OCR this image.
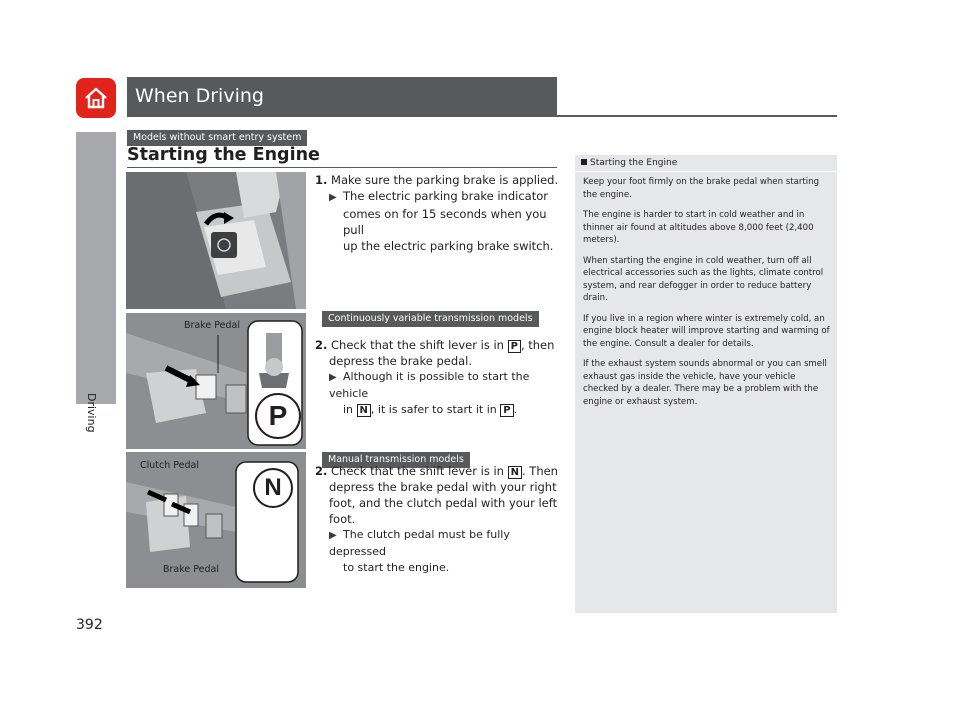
Driving
When Driving
Models without smart entry system
Starting the Engine
Brake Pedal
P
Clutch Pedal
Brake Pedal
N
1. Make sure the parking brake is applied.
▶ The electric parking brake indicator
comes on for 15 seconds when you pull
up the electric parking brake switch.
Continuously variable transmission models
2. Check that the shift lever is in P , then
depress the brake pedal.
▶ Although it is possible to start the vehicle
in N , it is safer to start it in P .
Manual transmission models
2. Check that the shift lever is in N . Then
depress the brake pedal with your right
foot, and the clutch pedal with your left
foot.
▶ The clutch pedal must be fully depressed
to start the engine.
Starting the Engine

Keep your foot firmly on the brake pedal when starting the engine.

The engine is harder to start in cold weather and in thinner air found at altitudes above 8,000 feet (2,400 meters).

When starting the engine in cold weather, turn off all electrical accessories such as the lights, climate control system, and rear defogger in order to reduce battery drain.

If you live in a region where winter is extremely cold, an engine block heater will improve starting and warming of the engine. Consult a dealer for details.

If the exhaust system sounds abnormal or you can smell exhaust gas inside the vehicle, have your vehicle checked by a dealer. There may be a problem with the engine or exhaust system.

392
